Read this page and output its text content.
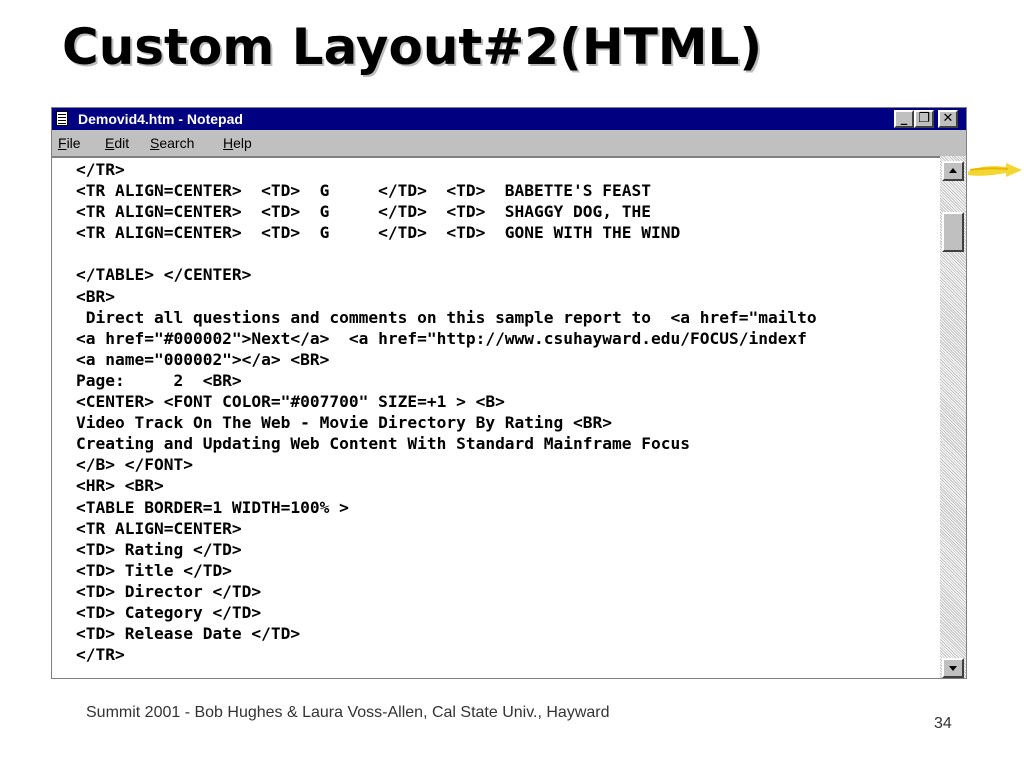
Custom Layout#2(HTML)
Demovid4.htm - Notepad	_ ❐ ✕
File Edit Search Help
</TR>
<TR ALIGN=CENTER>  <TD>  G     </TD>  <TD>  BABETTE'S FEAST
<TR ALIGN=CENTER>  <TD>  G     </TD>  <TD>  SHAGGY DOG, THE
<TR ALIGN=CENTER>  <TD>  G     </TD>  <TD>  GONE WITH THE WIND

</TABLE> </CENTER>
<BR>
Direct all questions and comments on this sample report to  <a href="mailto
<a href="#000002">Next</a>  <a href="http://www.csuhayward.edu/FOCUS/indexf
<a name="000002"></a> <BR>
Page:     2  <BR>
<CENTER> <FONT COLOR="#007700" SIZE=+1 > <B>
Video Track On The Web - Movie Directory By Rating <BR>
Creating and Updating Web Content With Standard Mainframe Focus
</B> </FONT>
<HR> <BR>
<TABLE BORDER=1 WIDTH=100% >
<TR ALIGN=CENTER>
<TD> Rating </TD>
<TD> Title </TD>
<TD> Director </TD>
<TD> Category </TD>
<TD> Release Date </TD>
</TR>
Summit 2001 - Bob Hughes & Laura Voss-Allen, Cal State Univ., Hayward
34
